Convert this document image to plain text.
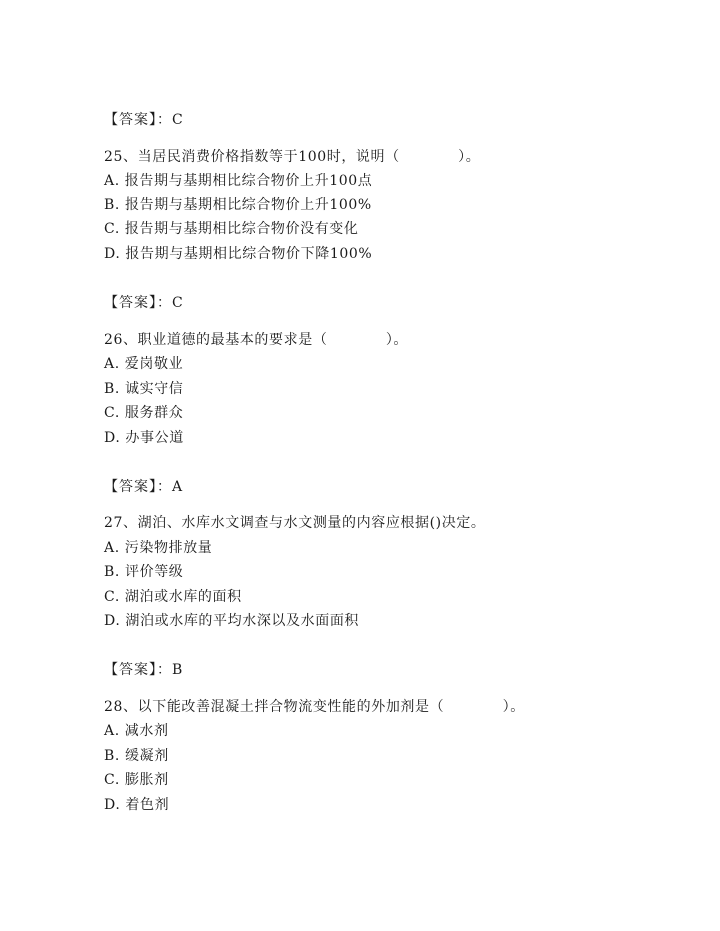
【答案】：C
25、当居民消费价格指数等于100时，说明（　　　　）。
A. 报告期与基期相比综合物价上升100点
B. 报告期与基期相比综合物价上升100%
C. 报告期与基期相比综合物价没有变化
D. 报告期与基期相比综合物价下降100%
【答案】：C
26、职业道德的最基本的要求是（　　　　）。
A. 爱岗敬业
B. 诚实守信
C. 服务群众
D. 办事公道
【答案】：A
27、湖泊、水库水文调查与水文测量的内容应根据()决定。
A. 污染物排放量
B. 评价等级
C. 湖泊或水库的面积
D. 湖泊或水库的平均水深以及水面面积
【答案】：B
28、以下能改善混凝土拌合物流变性能的外加剂是（　　　　）。
A. 减水剂
B. 缓凝剂
C. 膨胀剂
D. 着色剂
